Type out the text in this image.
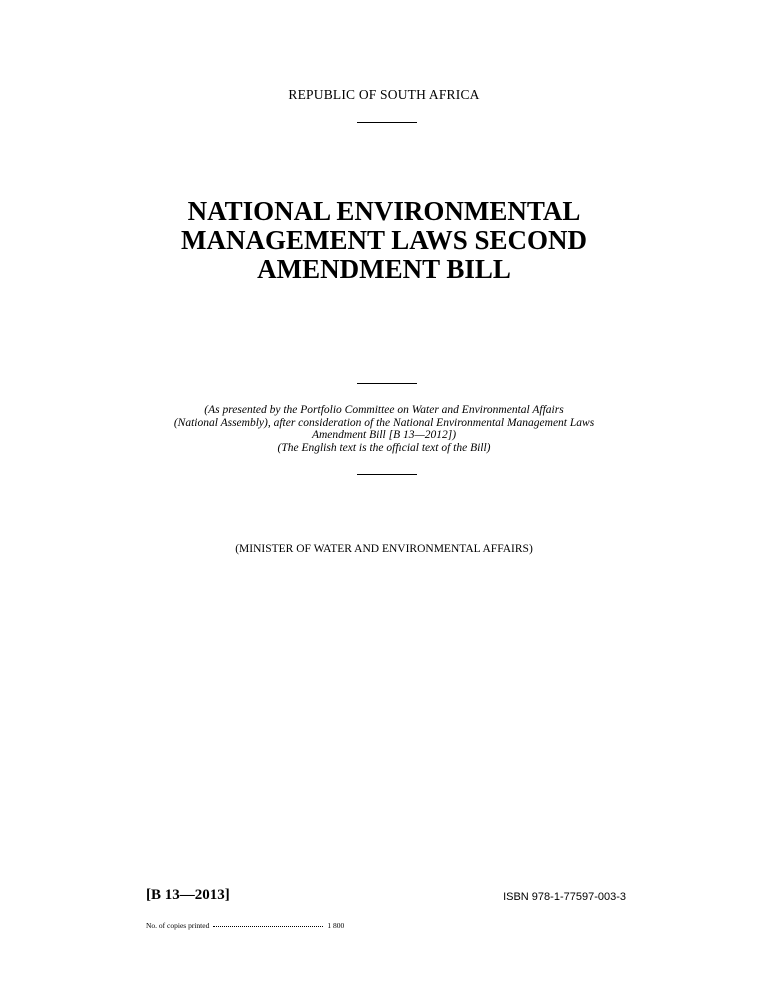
REPUBLIC OF SOUTH AFRICA
NATIONAL ENVIRONMENTAL
MANAGEMENT LAWS SECOND
AMENDMENT BILL
(As presented by the Portfolio Committee on Water and Environmental Affairs
(National Assembly), after consideration of the National Environmental Management Laws
Amendment Bill [B 13—2012])
(The English text is the offıcial text of the Bill)
(MINISTER OF WATER AND ENVIRONMENTAL AFFAIRS)
[B 13—2013]	ISBN 978-1-77597-003-3
No. of copies printed	1 800
